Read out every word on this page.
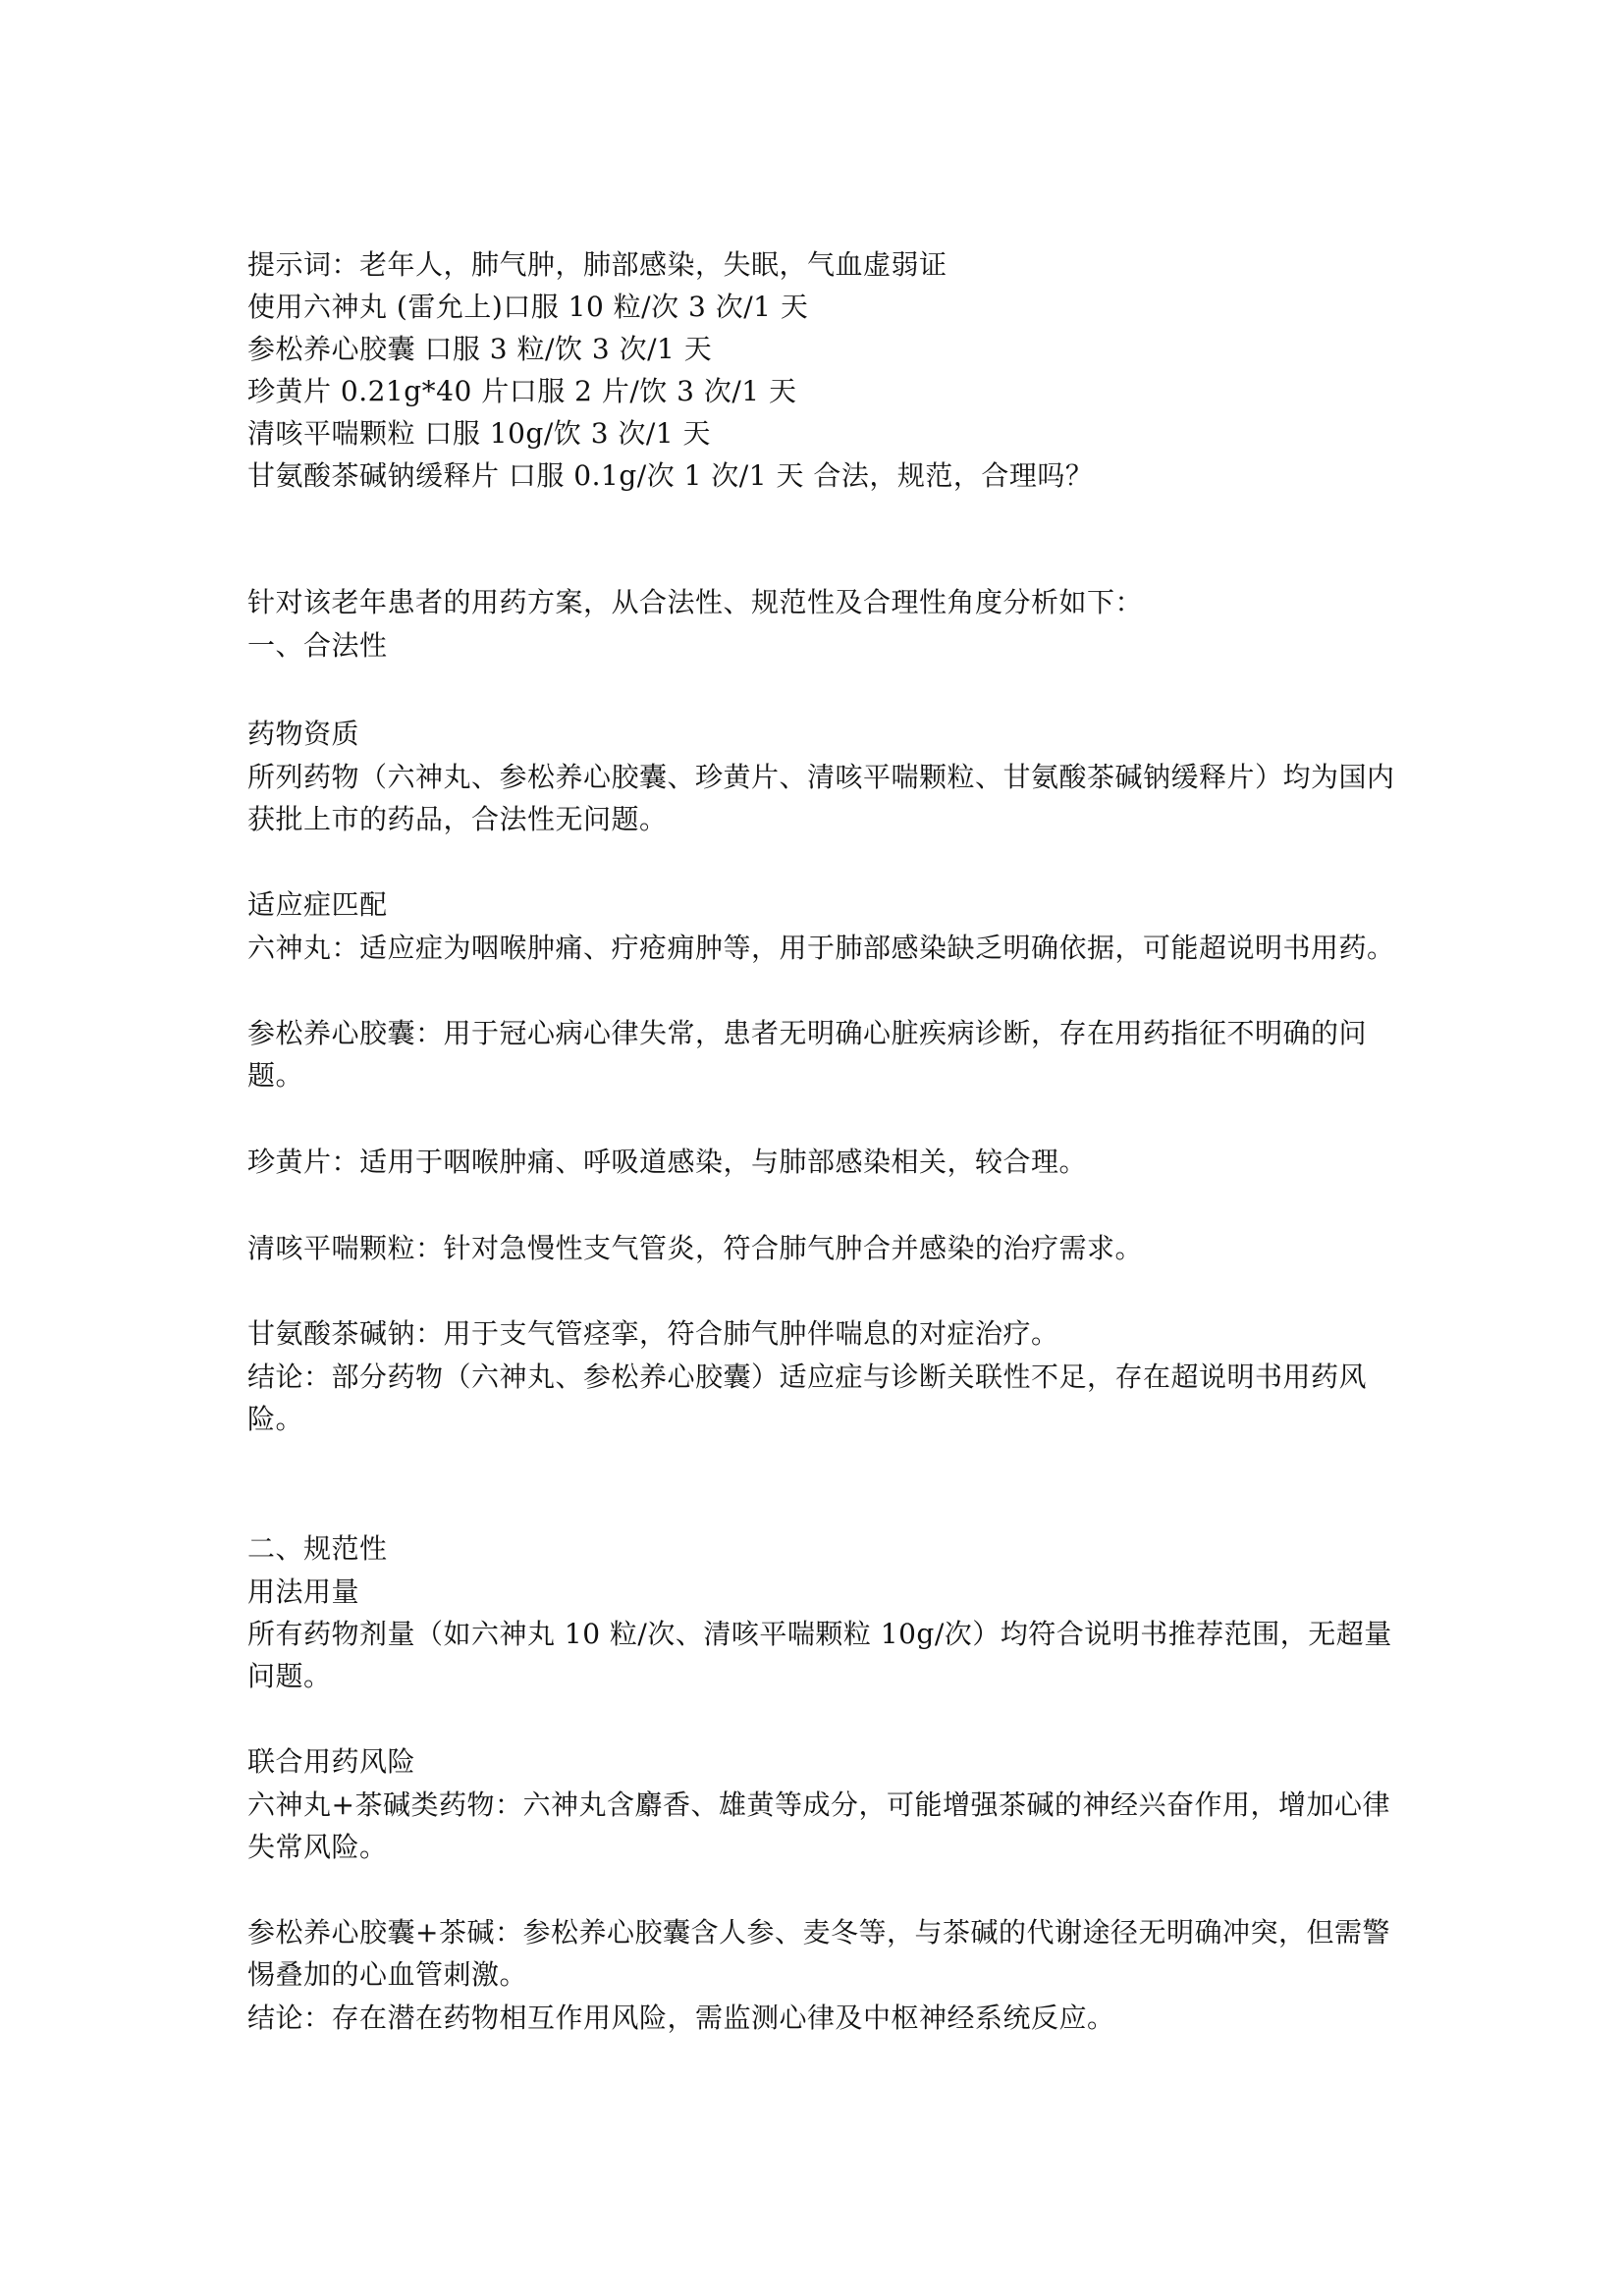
提示词：老年人，肺气肿，肺部感染，失眠，气血虚弱证
使用六神丸 (雷允上)口服 10 粒/次 3 次/1 天
参松养心胶囊 口服 3 粒/饮 3 次/1 天
珍黄片 0.21g*40 片口服 2 片/饮 3 次/1 天
清咳平喘颗粒 口服 10g/饮 3 次/1 天
甘氨酸茶碱钠缓释片 口服 0.1g/次 1 次/1 天 合法，规范，合理吗？
针对该老年患者的用药方案，从合法性、规范性及合理性角度分析如下：
一、合法性
药物资质
所列药物（六神丸、参松养心胶囊、珍黄片、清咳平喘颗粒、甘氨酸茶碱钠缓释片）均为国内获批上市的药品，合法性无问题。
适应症匹配
六神丸：适应症为咽喉肿痛、疔疮痈肿等，用于肺部感染缺乏明确依据，可能超说明书用药。
参松养心胶囊：用于冠心病心律失常，患者无明确心脏疾病诊断，存在用药指征不明确的问题。
珍黄片：适用于咽喉肿痛、呼吸道感染，与肺部感染相关，较合理。
清咳平喘颗粒：针对急慢性支气管炎，符合肺气肿合并感染的治疗需求。
甘氨酸茶碱钠：用于支气管痉挛，符合肺气肿伴喘息的对症治疗。
结论：部分药物（六神丸、参松养心胶囊）适应症与诊断关联性不足，存在超说明书用药风险。
二、规范性
用法用量
所有药物剂量（如六神丸 10 粒/次、清咳平喘颗粒 10g/次）均符合说明书推荐范围，无超量问题。
联合用药风险
六神丸+茶碱类药物：六神丸含麝香、雄黄等成分，可能增强茶碱的神经兴奋作用，增加心律失常风险。
参松养心胶囊+茶碱：参松养心胶囊含人参、麦冬等，与茶碱的代谢途径无明确冲突，但需警惕叠加的心血管刺激。
结论：存在潜在药物相互作用风险，需监测心律及中枢神经系统反应。
